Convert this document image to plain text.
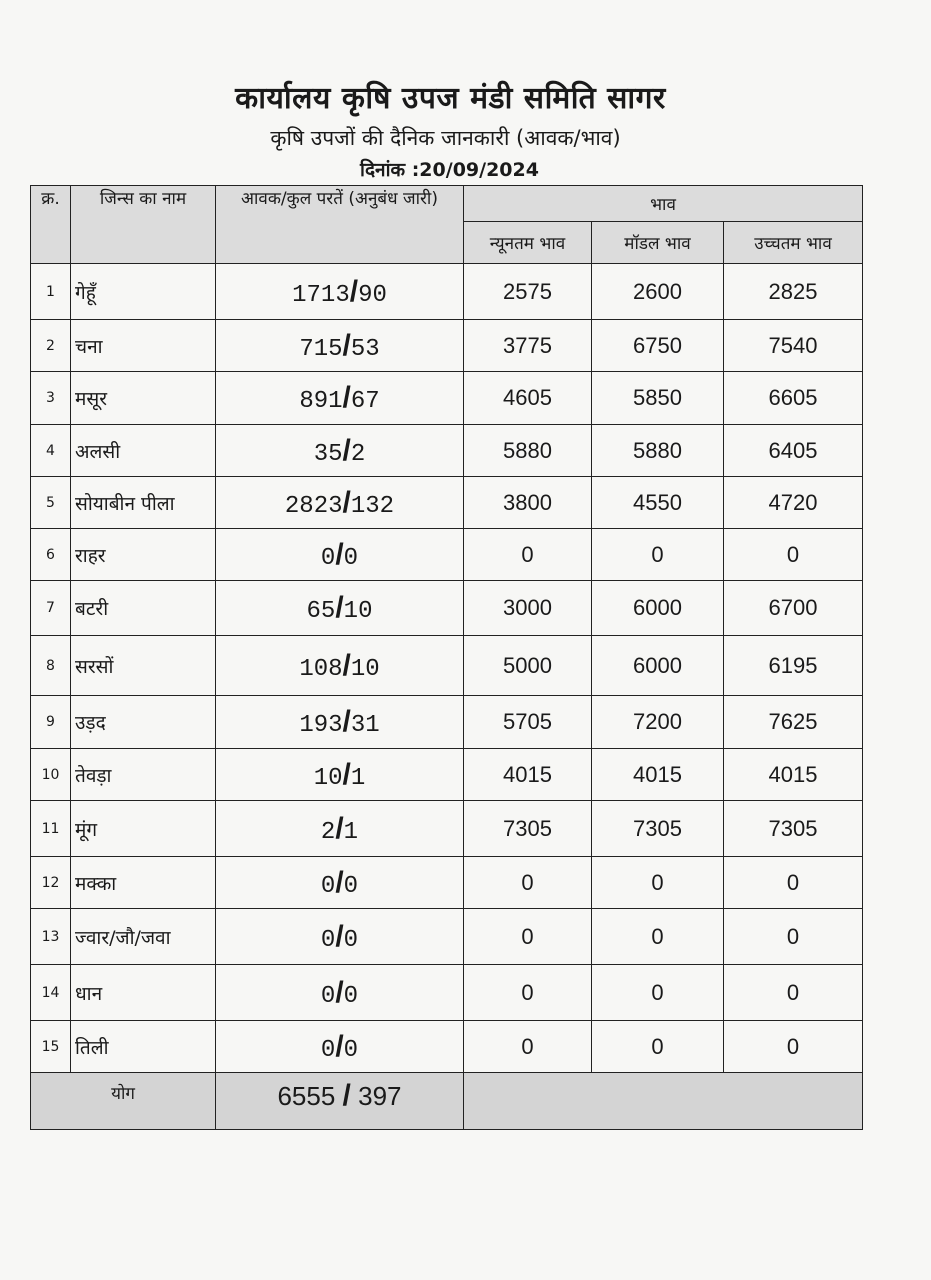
कार्यालय कृषि उपज मंडी समिति सागर
कृषि उपजों की दैनिक जानकारी (आवक/भाव)
दिनांक :20/09/2024
क्र.	जिन्स का नाम	आवक/कुल परतें (अनुबंध जारी)	भाव		
			न्यूनतम भाव	मॉडल भाव	उच्चतम भाव
1	गेहूँ	1713/90	2575	2600	2825
2	चना	715/53	3775	6750	7540
3	मसूर	891/67	4605	5850	6605
4	अलसी	35/2	5880	5880	6405
5	सोयाबीन पीला	2823/132	3800	4550	4720
6	राहर	0/0	0	0	0
7	बटरी	65/10	3000	6000	6700
8	सरसों	108/10	5000	6000	6195
9	उड़द	193/31	5705	7200	7625
10	तेवड़ा	10/1	4015	4015	4015
11	मूंग	2/1	7305	7305	7305
12	मक्का	0/0	0	0	0
13	ज्वार/जौ/जवा	0/0	0	0	0
14	धान	0/0	0	0	0
15	तिली	0/0	0	0	0
योग		6555 / 397			
